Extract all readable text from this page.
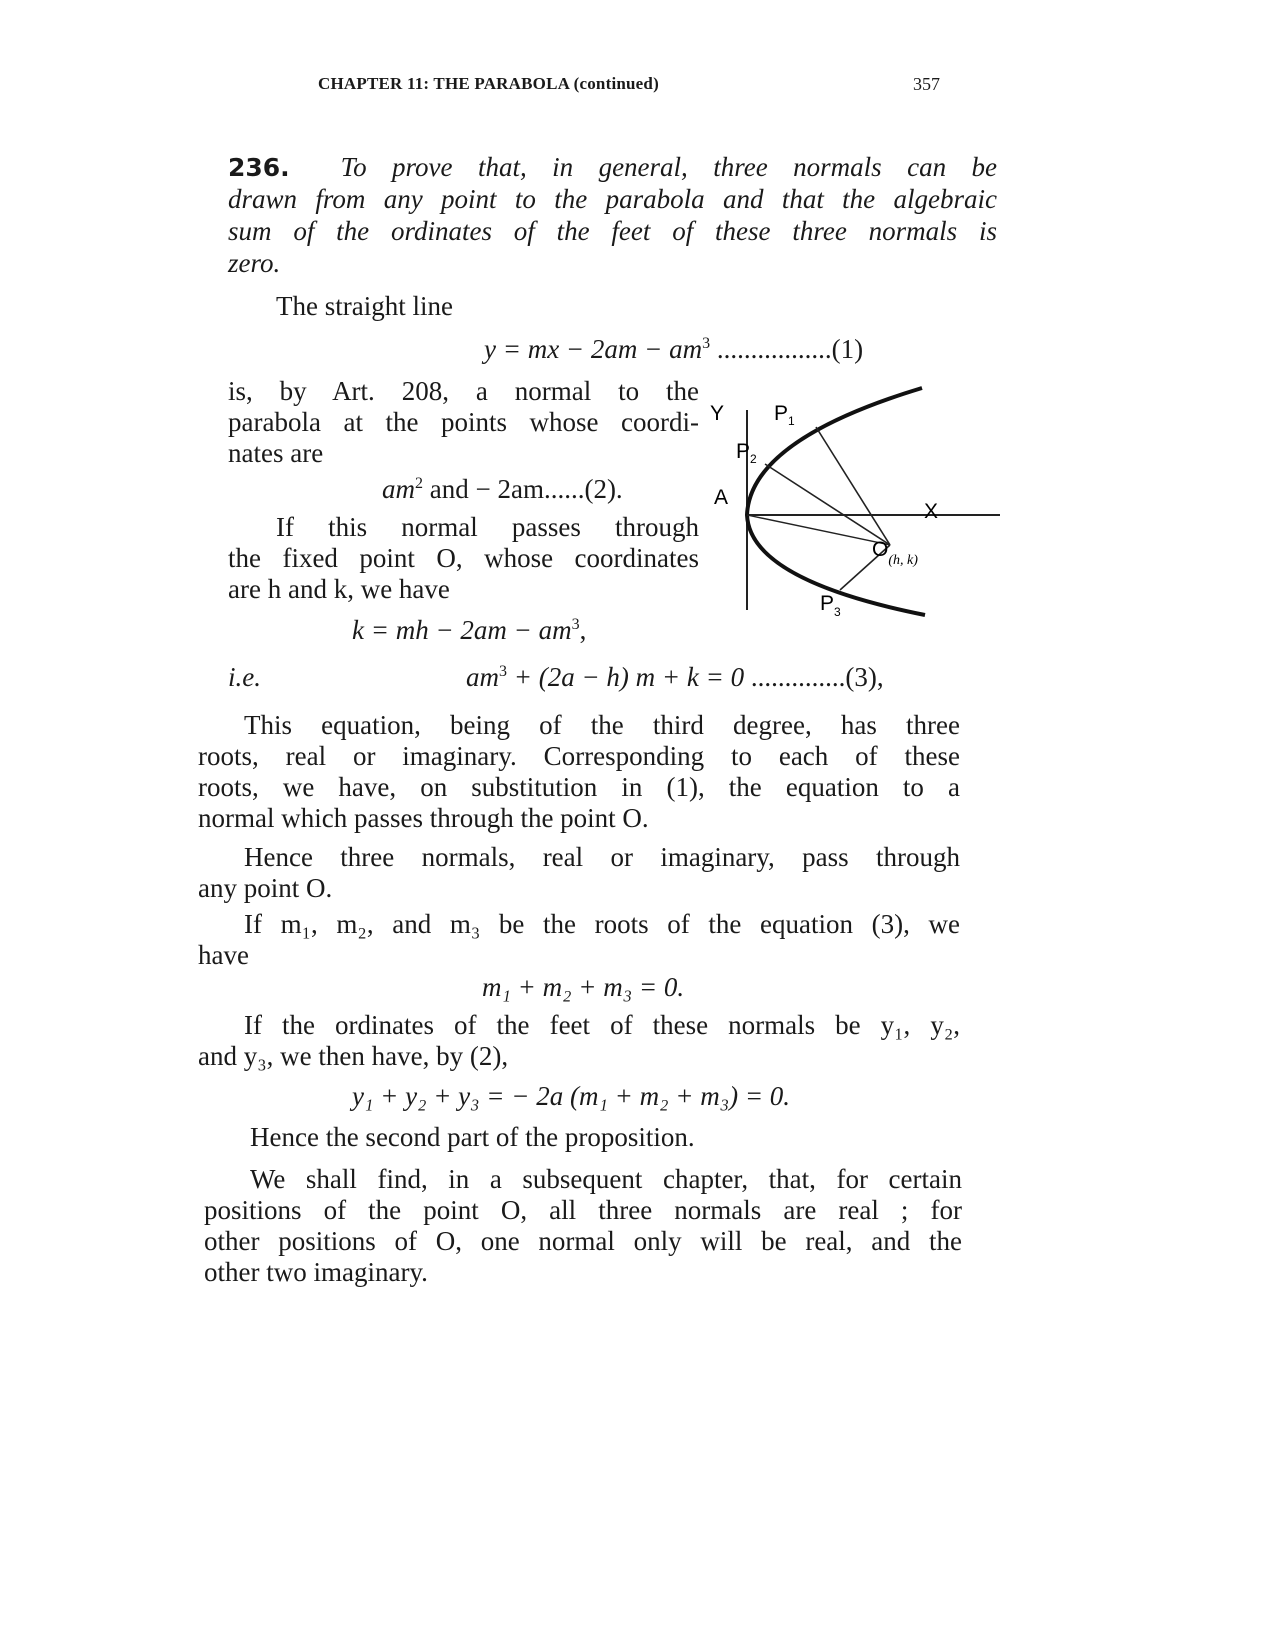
CHAPTER 11: THE PARABOLA (continued)	357
236. To prove that, in general, three normals can be
drawn from any point to the parabola and that the algebraic
sum of the ordinates of the feet of these three normals is
zero.
The straight line
y = mx − $2am - am^3$ .................(1)
is, by Art. 208, a normal to the
parabola at the points whose coordi-
nates are
$am^2$ and − 2am......(2).
If this normal passes through
the fixed point O, whose coordinates
are h and k, we have
k = mh − $2am - am^3$,
i.e.	$am^3 + (2a - h) m + k = 0$ ..............(3),
This equation, being of the third degree, has three
roots, real or imaginary. Corresponding to each of these
roots, we have, on substitution in (1), the equation to a
normal which passes through the point O.
Hence three normals, real or imaginary, pass through
any point O.
If m₁, m₂, and m₃ be the roots of the equation (3), we
have
m₁ + m₂ + m₃ = 0.
If the ordinates of the feet of these normals be y₁, y₂,
and y₃, we then have, by (2),
y₁ + y₂ + y₃ = − 2a (m₁ + m₂ + m₃) = 0.
Hence the second part of the proposition.
We shall find, in a subsequent chapter, that, for certain
positions of the point O, all three normals are real ; for
other positions of O, one normal only will be real, and the
other two imaginary.
Y $P_1$
$P_2$
A
X
$O_{(h, k)}$
$P_3$
